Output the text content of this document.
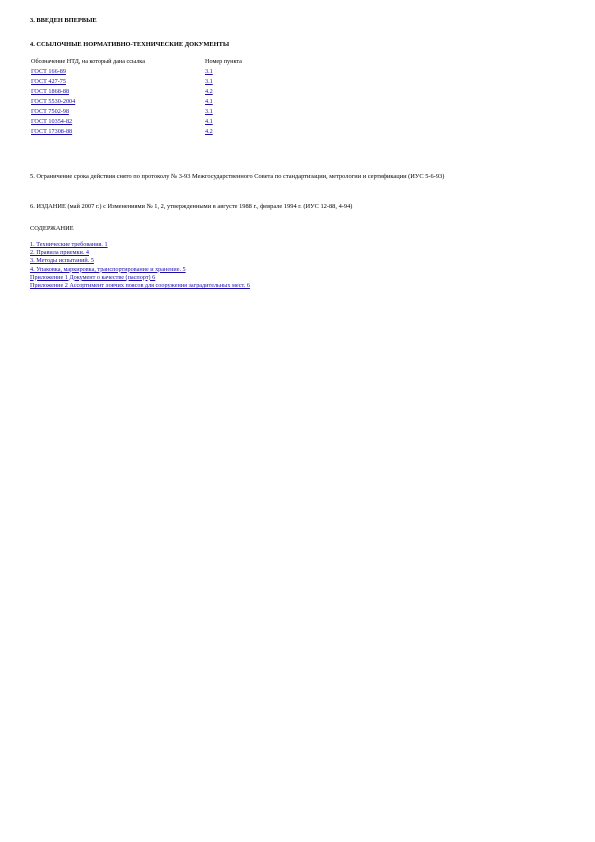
3. ВВЕДЕН ВПЕРВЫЕ

4. ССЫЛОЧНЫЕ НОРМАТИВНО-ТЕХНИЧЕСКИЕ ДОКУМЕНТЫ

Обозначение НТД, на который дана ссылка	Номер пункта
ГОСТ 166-89	3.1
ГОСТ 427-75	3.1
ГОСТ 1868-88	4.2
ГОСТ 5530-2004	4.1
ГОСТ 7502-98	3.1
ГОСТ 10354-82	4.1
ГОСТ 17308-88	4.2

5. Ограничение срока действия снято по протоколу № 3-93 Межгосударственного Совета по стандартизации, метрологии и сертификации (ИУС 5-6-93)

6. ИЗДАНИЕ (май 2007 г.) с Изменениями № 1, 2, утвержденными в августе 1988 г., феврале 1994 г. (ИУС 12-88, 4-94)

СОДЕРЖАНИЕ

1. Технические требования. 1
2. Правила приемки. 4
3. Методы испытаний. 5
4. Упаковка, маркировка, транспортирование и хранение. 5
Приложение 1 Документ о качестве (паспорт) 6
Приложение 2 Ассортимент ловчих поясов для сооружения заградительных мест. 6
